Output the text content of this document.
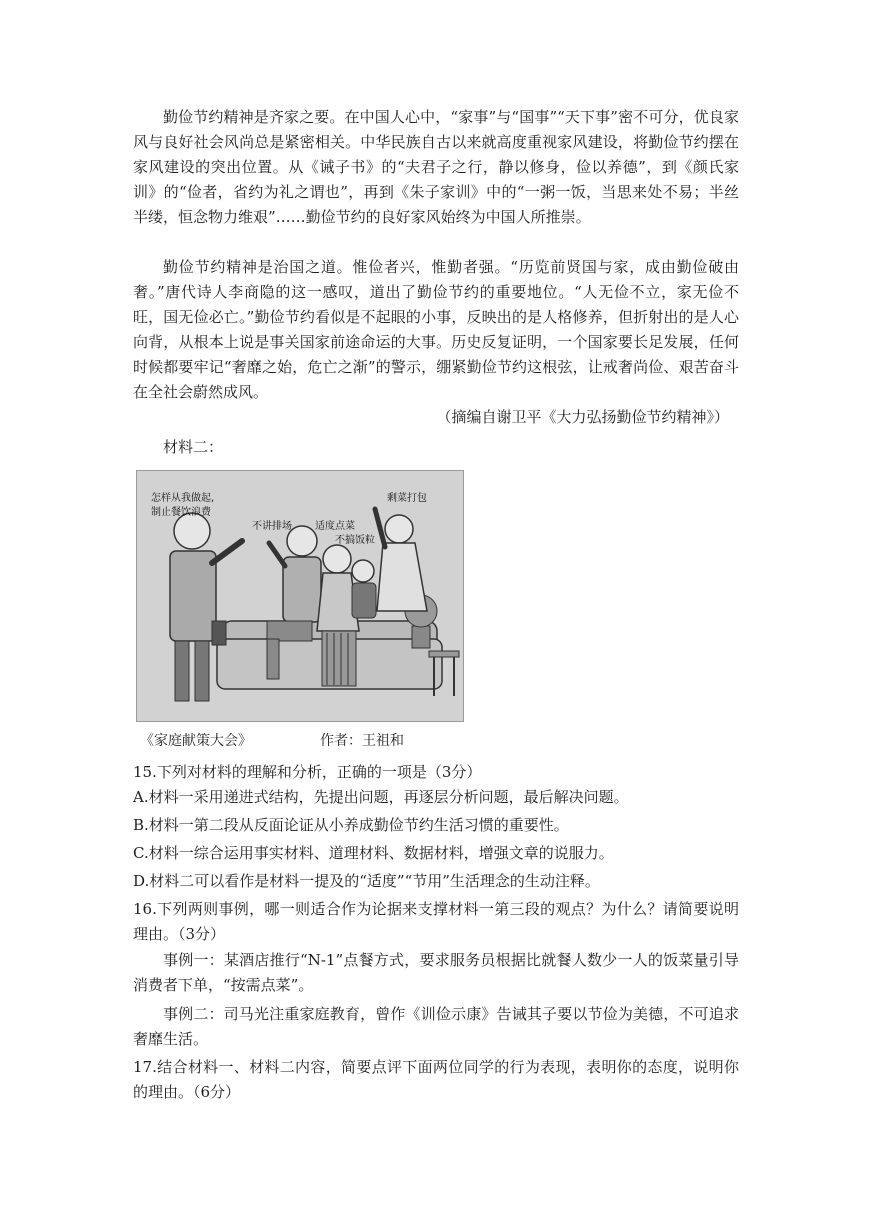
勤俭节约精神是齐家之要。在中国人心中，“家事”与“国事”“天下事”密不可分，优良家风与良好社会风尚总是紧密相关。中华民族自古以来就高度重视家风建设，将勤俭节约摆在家风建设的突出位置。从《诫子书》的“夫君子之行，静以修身，俭以养德”，到《颜氏家训》的“俭者，省约为礼之谓也”，再到《朱子家训》中的“一粥一饭，当思来处不易；半丝半缕，恒念物力维艰”……勤俭节约的良好家风始终为中国人所推崇。

勤俭节约精神是治国之道。惟俭者兴，惟勤者强。“历览前贤国与家，成由勤俭破由奢。”唐代诗人李商隐的这一感叹，道出了勤俭节约的重要地位。“人无俭不立，家无俭不旺，国无俭必亡。”勤俭节约看似是不起眼的小事，反映出的是人格修养，但折射出的是人心向背，从根本上说是事关国家前途命运的大事。历史反复证明，一个国家要长足发展，任何时候都要牢记“奢靡之始，危亡之渐”的警示，绷紧勤俭节约这根弦，让戒奢尚俭、艰苦奋斗在全社会蔚然成风。

（摘编自谢卫平《大力弘扬勤俭节约精神》）
材料二：
怎样从我做起,
制止餐饮浪费
不讲排场 适度点菜
不搞饭粒
剩菜打包
《家庭献策大会》	作者：王祖和

15.下列对材料的理解和分析，正确的一项是（3分）

A.材料一采用递进式结构，先提出问题，再逐层分析问题，最后解决问题。

B.材料一第二段从反面论证从小养成勤俭节约生活习惯的重要性。

C.材料一综合运用事实材料、道理材料、数据材料，增强文章的说服力。

D.材料二可以看作是材料一提及的“适度”“节用”生活理念的生动注释。

16.下列两则事例，哪一则适合作为论据来支撑材料一第三段的观点？为什么？请简要说明理由。（3分）

事例一：某酒店推行“N-1”点餐方式，要求服务员根据比就餐人数少一人的饭菜量引导消费者下单，“按需点菜”。

事例二：司马光注重家庭教育，曾作《训俭示康》告诫其子要以节俭为美德，不可追求奢靡生活。

17.结合材料一、材料二内容，简要点评下面两位同学的行为表现，表明你的态度，说明你的理由。（6分）
